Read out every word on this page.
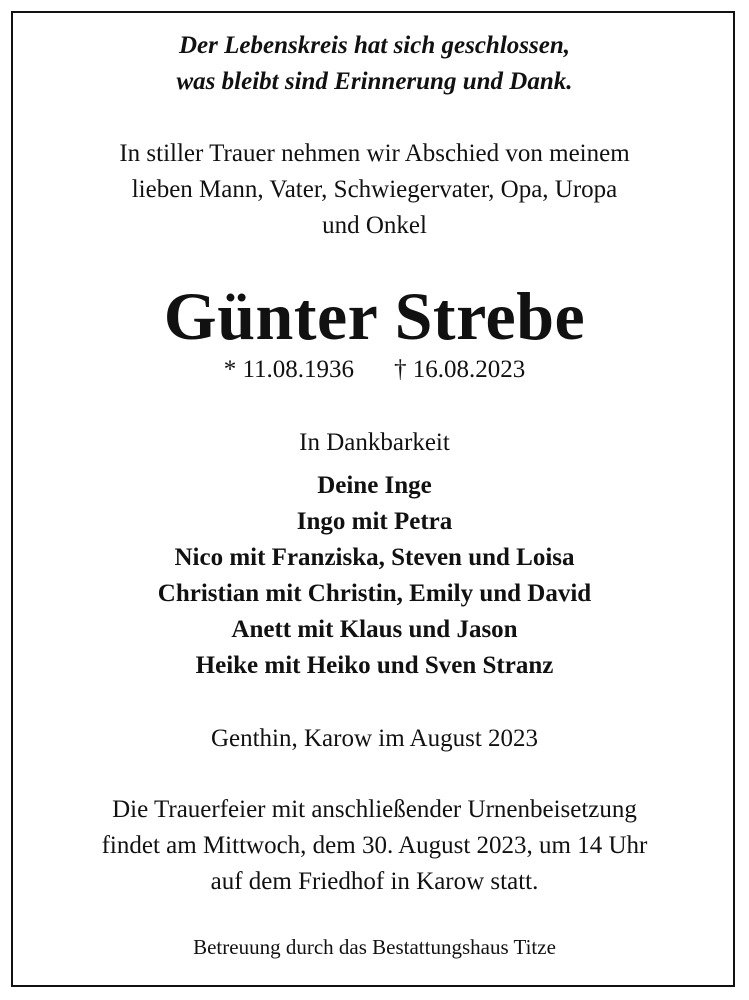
Der Lebenskreis hat sich geschlossen,
was bleibt sind Erinnerung und Dank.
In stiller Trauer nehmen wir Abschied von meinem
lieben Mann, Vater, Schwiegervater, Opa, Uropa
und Onkel
Günter Strebe
* 11.08.1936 † 16.08.2023
In Dankbarkeit
Deine Inge
Ingo mit Petra
Nico mit Franziska, Steven und Loisa
Christian mit Christin, Emily und David
Anett mit Klaus und Jason
Heike mit Heiko und Sven Stranz
Genthin, Karow im August 2023
Die Trauerfeier mit anschließender Urnenbeisetzung
findet am Mittwoch, dem 30. August 2023, um 14 Uhr
auf dem Friedhof in Karow statt.
Betreuung durch das Bestattungshaus Titze
